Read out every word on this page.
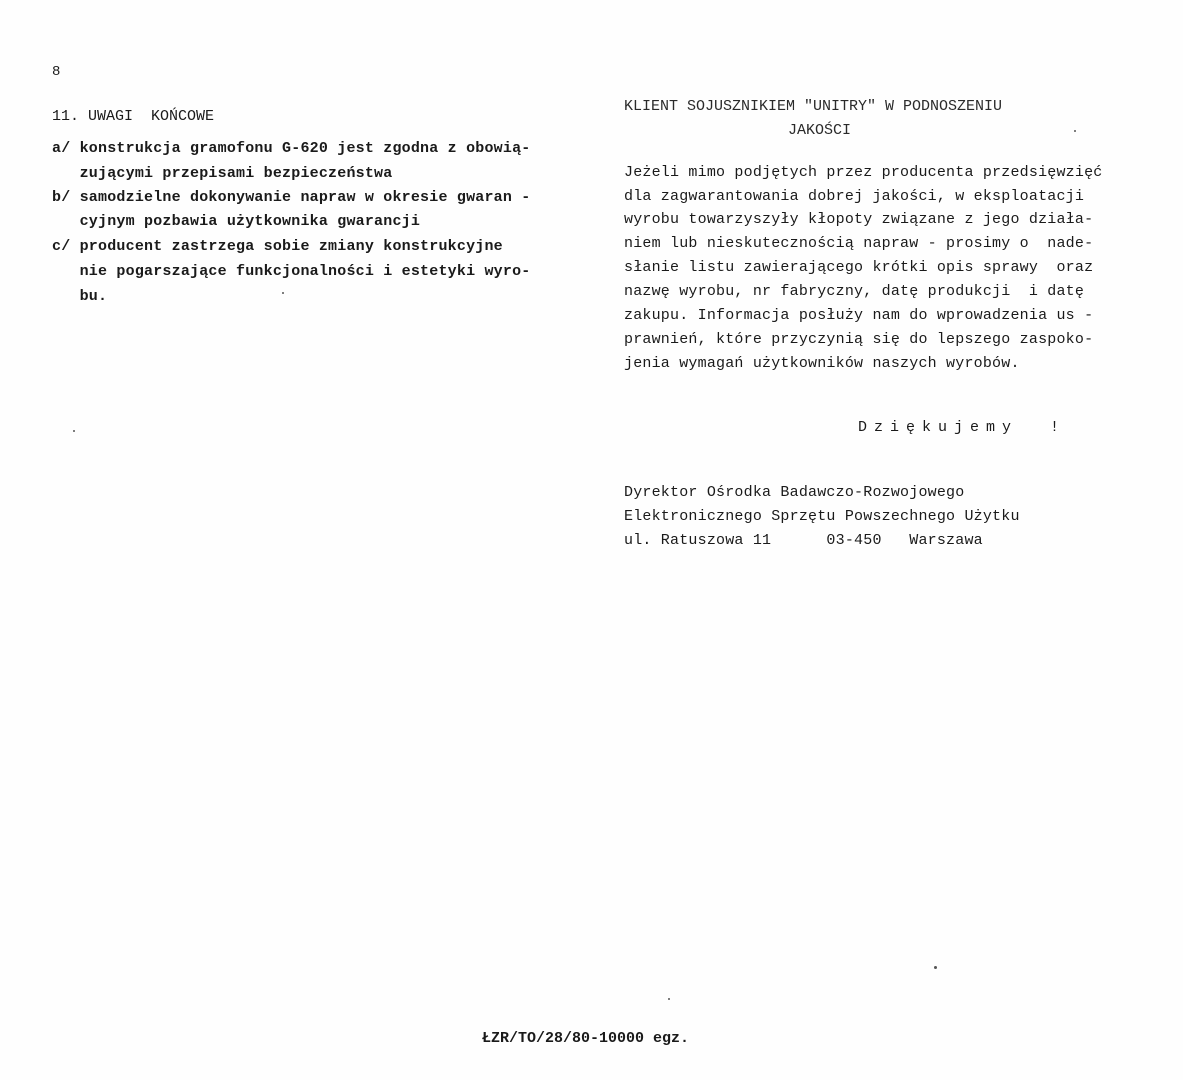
8
11. UWAGI  KOŃCOWE
a/ konstrukcja gramofonu G-620 jest zgodna z obowią-
zującymi przepisami bezpieczeństwa
b/ samodzielne dokonywanie napraw w okresie gwaran -
cyjnym pozbawia użytkownika gwarancji
c/ producent zastrzega sobie zmiany konstrukcyjne
nie pogarszające funkcjonalności i estetyki wyro-
bu.
KLIENT SOJUSZNIKIEM "UNITRY" W PODNOSZENIU
JAKOŚCI
Jeżeli mimo podjętych przez producenta przedsięwzięć
dla zagwarantowania dobrej jakości, w eksploatacji
wyrobu towarzyszyły kłopoty związane z jego działa-
niem lub nieskutecznością napraw - prosimy o  nade-
słanie listu zawierającego krótki opis sprawy  oraz
nazwę wyrobu, nr fabryczny, datę produkcji  i datę
zakupu. Informacja posłuży nam do wprowadzenia us -
prawnień, które przyczynią się do lepszego zaspoko-
jenia wymagań użytkowników naszych wyrobów.
Dziękujemy  !
Dyrektor Ośrodka Badawczo-Rozwojowego
Elektronicznego Sprzętu Powszechnego Użytku
ul. Ratuszowa 11      03-450   Warszawa
ŁZR/TO/28/80-10000 egz.
